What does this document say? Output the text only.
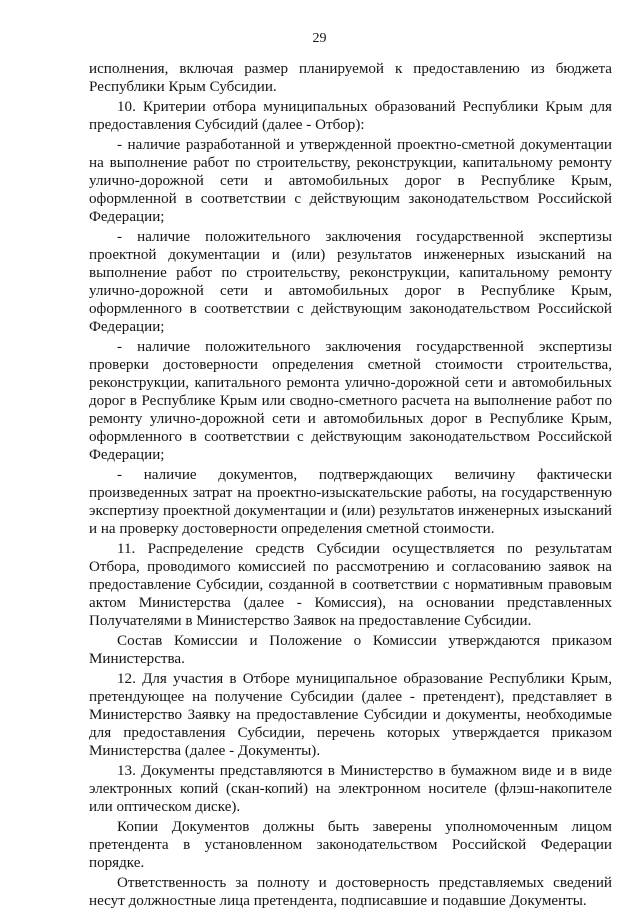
29

исполнения, включая размер планируемой к предоставлению из бюджета Республики Крым Субсидии.

10. Критерии отбора муниципальных образований Республики Крым для предоставления Субсидий (далее - Отбор):

- наличие разработанной и утвержденной проектно-сметной документации на выполнение работ по строительству, реконструкции, капитальному ремонту улично-дорожной сети и автомобильных дорог в Республике Крым, оформленной в соответствии с действующим законодательством Российской Федерации;

- наличие положительного заключения государственной экспертизы проектной документации и (или) результатов инженерных изысканий на выполнение работ по строительству, реконструкции, капитальному ремонту улично-дорожной сети и автомобильных дорог в Республике Крым, оформленного в соответствии с действующим законодательством Российской Федерации;

- наличие положительного заключения государственной экспертизы проверки достоверности определения сметной стоимости строительства, реконструкции, капитального ремонта улично-дорожной сети и автомобильных дорог в Республике Крым или сводно-сметного расчета на выполнение работ по ремонту улично-дорожной сети и автомобильных дорог в Республике Крым, оформленного в соответствии с действующим законодательством Российской Федерации;

- наличие документов, подтверждающих величину фактически произведенных затрат на проектно-изыскательские работы, на государственную экспертизу проектной документации и (или) результатов инженерных изысканий и на проверку достоверности определения сметной стоимости.

11. Распределение средств Субсидии осуществляется по результатам Отбора, проводимого комиссией по рассмотрению и согласованию заявок на предоставление Субсидии, созданной в соответствии с нормативным правовым актом Министерства (далее - Комиссия), на основании представленных Получателями в Министерство Заявок на предоставление Субсидии.

Состав Комиссии и Положение о Комиссии утверждаются приказом Министерства.

12. Для участия в Отборе муниципальное образование Республики Крым, претендующее на получение Субсидии (далее - претендент), представляет в Министерство Заявку на предоставление Субсидии и документы, необходимые для предоставления Субсидии, перечень которых утверждается приказом Министерства (далее - Документы).

13. Документы представляются в Министерство в бумажном виде и в виде электронных копий (скан-копий) на электронном носителе (флэш-накопителе или оптическом диске).

Копии Документов должны быть заверены уполномоченным лицом претендента в установленном законодательством Российской Федерации порядке.

Ответственность за полноту и достоверность представляемых сведений несут должностные лица претендента, подписавшие и подавшие Документы.
